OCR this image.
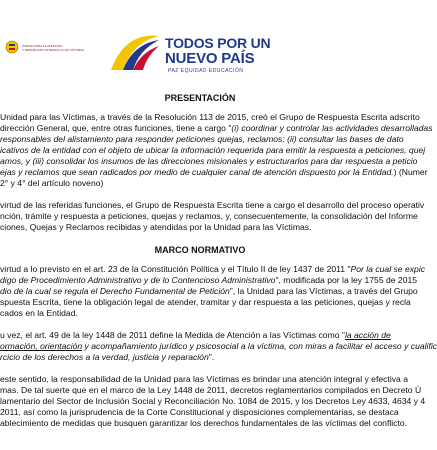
UNIDAD PARA LA ATENCIÓN
Y REPARACIÓN INTEGRAL A LAS VÍCTIMAS	TODOS POR UN
NUEVO PAÍS
PAZ EQUIDAD EDUCACIÓN
PRESENTACIÓN
Unidad para las Víctimas, a través de la Resolución 113 de 2015, creó el Grupo de Respuesta Escrita adscrito
dirección General, que, entre otras funciones, tiene a cargo "(i) coordinar y controlar las actividades desarrolladas
responsables del alistamiento para responder peticiones quejas, reclamos; (ii) consultar las bases de dato
icativos de la entidad con el objeto de ubicar la información requerida para emitir la respuesta a peticiones, quej
amos, y (iii) consolidar los insumos de las direcciones misionales y estructurarlos para dar respuesta a peticio
ejas y reclamos que sean radicados por medio de cualquier canal de atención dispuesto por la Entidad.) (Numer
2° y 4° del artículo noveno)
virtud de las referidas funciones, el Grupo de Respuesta Escrita tiene a cargo el desarrollo del proceso operativ
nción, trámite y respuesta a peticiones, quejas y reclamos, y, consecuentemente, la consolidación del Informe
ciones, Quejas y Reclamos recibidas y atendidas por la Unidad para las Víctimas.
MARCO NORMATIVO
virtud a lo previsto en el art. 23 de la Constitución Política y el Título II de ley 1437 de 2011 "Por la cual se expic
digo de Procedimiento Administrativo y de lo Contencioso Administrativo", modificada por la ley 1755 de 2015
dio de la cual se regula el Derecho Fundamental de Petición", la Unidad para las Víctimas, a través del Grupo
spuesta Escrita, tiene la obligación legal de atender, tramitar y dar respuesta a las peticiones, quejas y recla
cados en la Entidad.
u vez, el art. 49 de la ley 1448 de 2011 define la Medida de Atención a las Víctimas como "la acción de
ormación, orientación y acompañamiento jurídico y psicosocial a la víctima, con miras a facilitar el acceso y cualific
rcicio de los derechos a la verdad, justicia y reparación".
este sentido, la responsabilidad de la Unidad para las Víctimas es brindar una atención integral y efectiva a
mas. De tal suerte que en el marco de la Ley 1448 de 2011, decretos reglamentarios compilados en Decreto Ú
lamentario del Sector de Inclusión Social y Reconciliación No. 1084 de 2015, y los Decretos Ley 4633, 4634 y 4
2011, así como la jurisprudencia de la Corte Constitucional y disposiciones complementarias, se destaca
ablecimiento de medidas que busquen garantizar los derechos fundamentales de las víctimas del conflicto.
